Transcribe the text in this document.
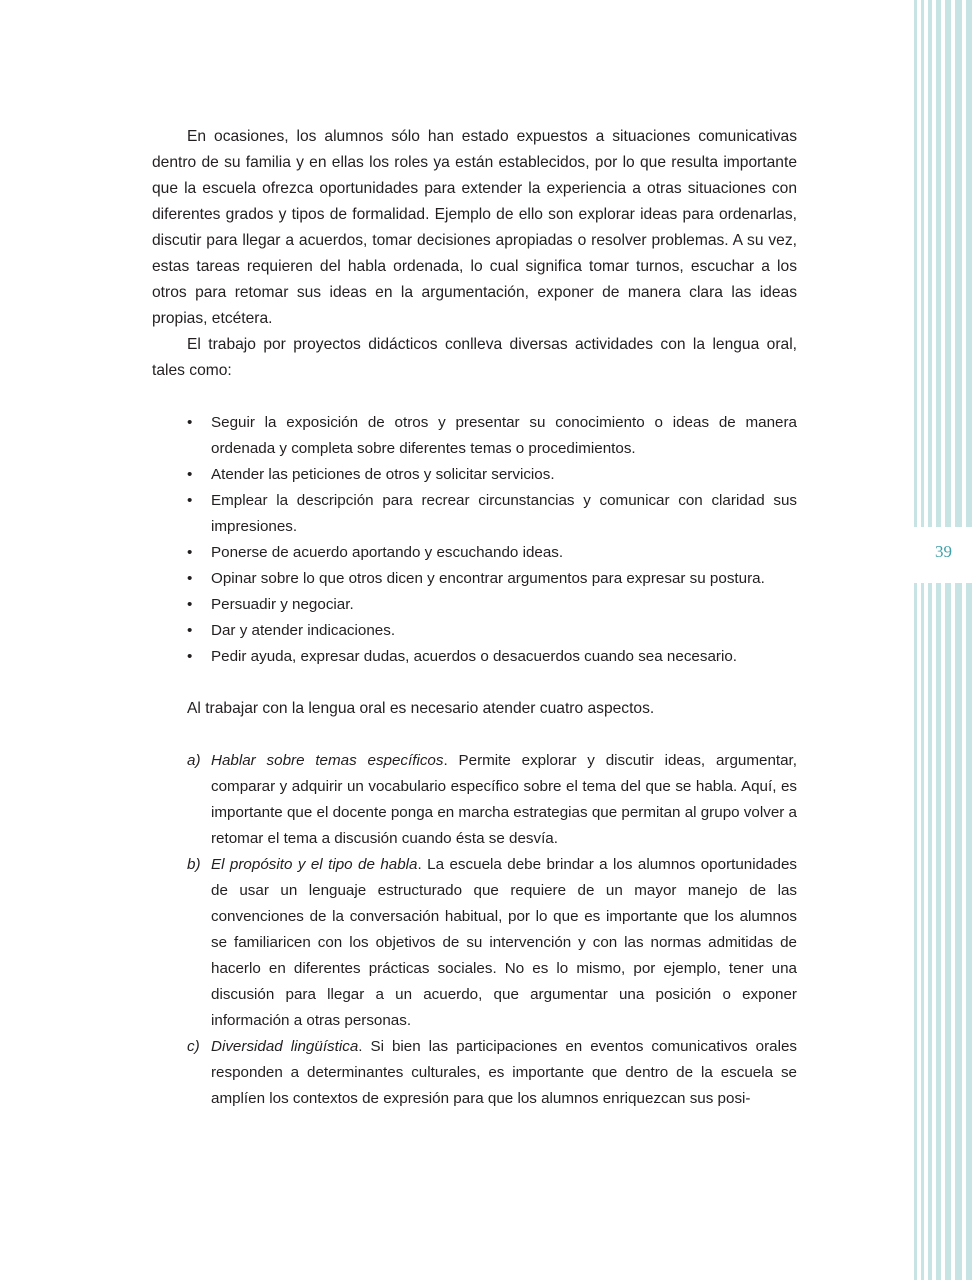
39

En ocasiones, los alumnos sólo han estado expuestos a situaciones comunicativas dentro de su familia y en ellas los roles ya están establecidos, por lo que resulta importante que la escuela ofrezca oportunidades para extender la experiencia a otras situaciones con diferentes grados y tipos de formalidad. Ejemplo de ello son explorar ideas para ordenarlas, discutir para llegar a acuerdos, tomar decisiones apropiadas o resolver problemas. A su vez, estas tareas requieren del habla ordenada, lo cual significa tomar turnos, escuchar a los otros para retomar sus ideas en la argumentación, exponer de manera clara las ideas propias, etcétera.

El trabajo por proyectos didácticos conlleva diversas actividades con la lengua oral, tales como:

• Seguir la exposición de otros y presentar su conocimiento o ideas de manera ordenada y completa sobre diferentes temas o procedimientos.
• Atender las peticiones de otros y solicitar servicios.
• Emplear la descripción para recrear circunstancias y comunicar con claridad sus impresiones.
• Ponerse de acuerdo aportando y escuchando ideas.
• Opinar sobre lo que otros dicen y encontrar argumentos para expresar su postura.
• Persuadir y negociar.
• Dar y atender indicaciones.
• Pedir ayuda, expresar dudas, acuerdos o desacuerdos cuando sea necesario.

Al trabajar con la lengua oral es necesario atender cuatro aspectos.

a) Hablar sobre temas específicos. Permite explorar y discutir ideas, argumentar, comparar y adquirir un vocabulario específico sobre el tema del que se habla. Aquí, es importante que el docente ponga en marcha estrategias que permitan al grupo volver a retomar el tema a discusión cuando ésta se desvía.
b) El propósito y el tipo de habla. La escuela debe brindar a los alumnos oportunidades de usar un lenguaje estructurado que requiere de un mayor manejo de las convenciones de la conversación habitual, por lo que es importante que los alumnos se familiaricen con los objetivos de su intervención y con las normas admitidas de hacerlo en diferentes prácticas sociales. No es lo mismo, por ejemplo, tener una discusión para llegar a un acuerdo, que argumentar una posición o exponer información a otras personas.
c) Diversidad lingüística. Si bien las participaciones en eventos comunicativos orales responden a determinantes culturales, es importante que dentro de la escuela se amplíen los contextos de expresión para que los alumnos enriquezcan sus posi-
